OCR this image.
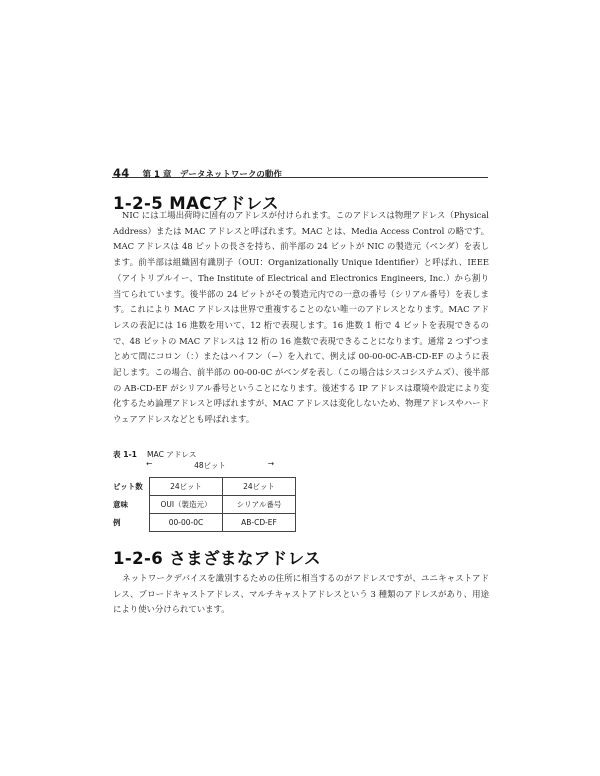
44 第 1 章　データネットワークの動作
1-2-5 MACアドレス

NIC には工場出荷時に固有のアドレスが付けられます。このアドレスは物理アドレス（Physical Address）または MAC アドレスと呼ばれます。MAC とは、Media Access Control の略です。MAC アドレスは 48 ビットの長さを持ち、前半部の 24 ビットが NIC の製造元（ベンダ）を表します。前半部は組織固有識別子（OUI：Organizationally Unique Identifier）と呼ばれ、IEEE（アイトリプルイー、The Institute of Electrical and Electronics Engineers, Inc.）から割り当てられています。後半部の 24 ビットがその製造元内での一意の番号（シリアル番号）を表します。これにより MAC アドレスは世界で重複することのない唯一のアドレスとなります。MAC アドレスの表記には 16 進数を用いて、12 桁で表現します。16 進数 1 桁で 4 ビットを表現できるので、48 ビットの MAC アドレスは 12 桁の 16 進数で表現できることになります。通常 2 つずつまとめて間にコロン（：）またはハイフン（−）を入れて、例えば 00-00-0C-AB-CD-EF のように表記します。この場合、前半部の 00-00-0C がベンダを表し（この場合はシスコシステムズ）、後半部の AB-CD-EF がシリアル番号ということになります。後述する IP アドレスは環境や設定により変化するため論理アドレスと呼ばれますが、MAC アドレスは変化しないため、物理アドレスやハードウェアアドレスなどとも呼ばれます。

表 1-1 MAC アドレス
←	48ビット	→
ビット数	24ビット	24ビット
意味	OUI（製造元）	シリアル番号
例	00-00-0C	AB-CD-EF
1-2-6 さまざまなアドレス

ネットワークデバイスを識別するための住所に相当するのがアドレスですが、ユニキャストアドレス、ブロードキャストアドレス、マルチキャストアドレスという 3 種類のアドレスがあり、用途により使い分けられています。
